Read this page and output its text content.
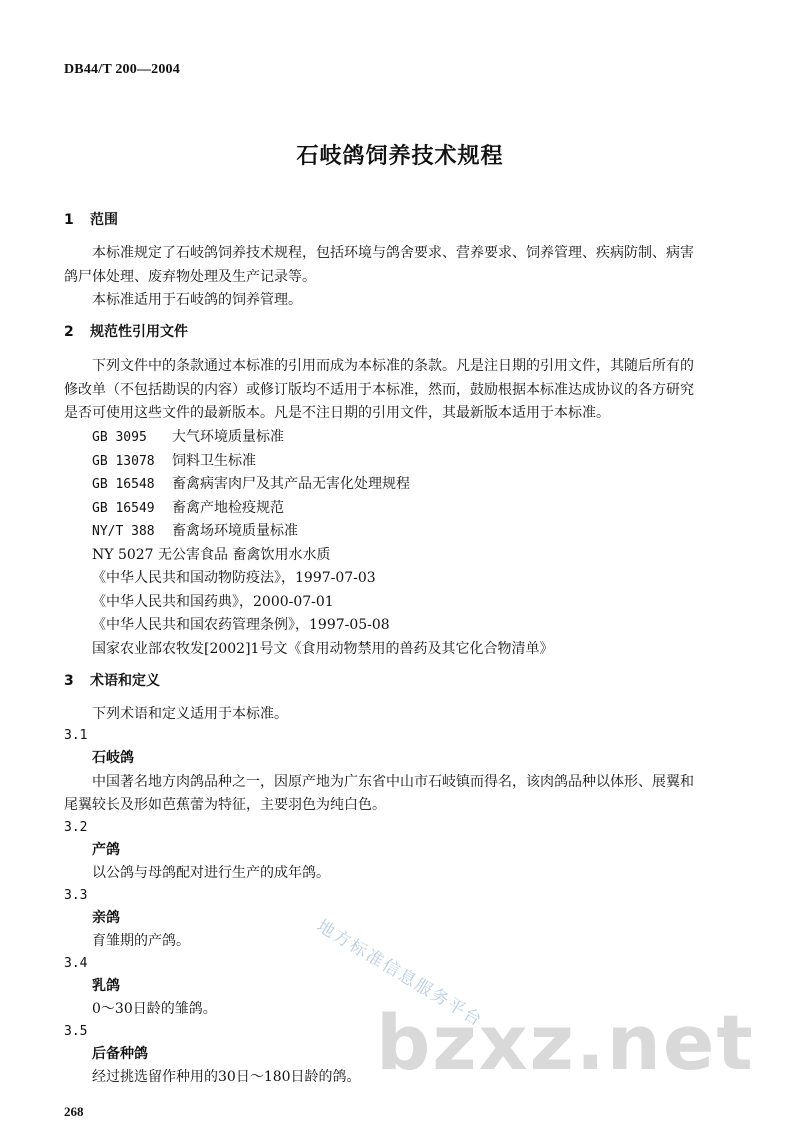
DB44/T 200—2004
石岐鸽饲养技术规程
1 范围
本标准规定了石岐鸽饲养技术规程，包括环境与鸽舍要求、营养要求、饲养管理、疾病防制、病害
鸽尸体处理、废弃物处理及生产记录等。
本标准适用于石岐鸽的饲养管理。
2 规范性引用文件
下列文件中的条款通过本标准的引用而成为本标准的条款。凡是注日期的引用文件，其随后所有的
修改单（不包括勘误的内容）或修订版均不适用于本标准，然而，鼓励根据本标准达成协议的各方研究
是否可使用这些文件的最新版本。凡是不注日期的引用文件，其最新版本适用于本标准。
GB 3095 大气环境质量标准
GB 13078 饲料卫生标准
GB 16548 畜禽病害肉尸及其产品无害化处理规程
GB 16549 畜禽产地检疫规范
NY/T 388 畜禽场环境质量标准
NY 5027 无公害食品 畜禽饮用水水质
《中华人民共和国动物防疫法》，1997-07-03
《中华人民共和国药典》，2000-07-01
《中华人民共和国农药管理条例》，1997-05-08
国家农业部农牧发[2002]1号文《食用动物禁用的兽药及其它化合物清单》
3 术语和定义
下列术语和定义适用于本标准。
3.1
石岐鸽
中国著名地方肉鸽品种之一，因原产地为广东省中山市石岐镇而得名，该肉鸽品种以体形、展翼和
尾翼较长及形如芭蕉蕾为特征，主要羽色为纯白色。
3.2
产鸽
以公鸽与母鸽配对进行生产的成年鸽。
3.3
亲鸽
育雏期的产鸽。
3.4
乳鸽
0～30日龄的雏鸽。
3.5
后备种鸽
经过挑选留作种用的30日～180日龄的鸽。
268
地方标准信息服务平台
bzxz.net
